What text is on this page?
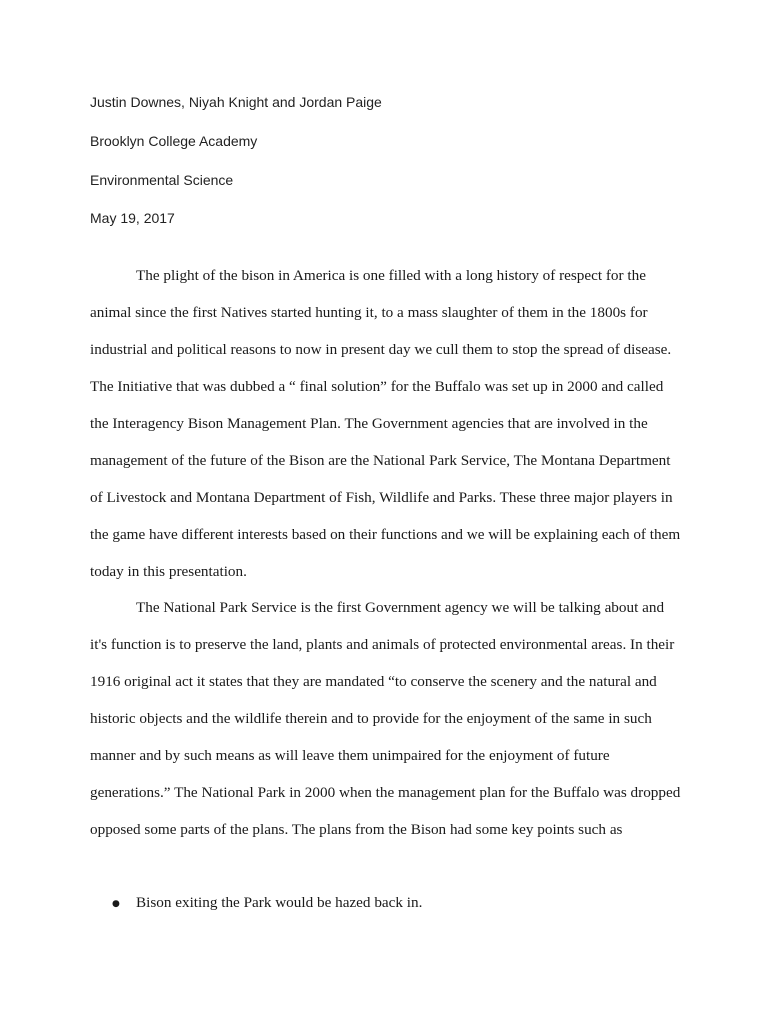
Justin Downes, Niyah Knight and Jordan Paige
Brooklyn College Academy
Environmental Science
May 19, 2017
The plight of the bison in America is one filled with a long history of respect for the
animal since the first Natives started hunting it, to a mass slaughter of them in the 1800s for
industrial and political reasons to now in present day we cull them to stop the spread of disease.
The Initiative that was dubbed a “ final solution” for the Buffalo was set up in 2000 and called
the Interagency Bison Management Plan. The Government agencies that are involved in the
management of the future of the Bison are the National Park Service, The Montana Department
of Livestock and Montana Department of Fish, Wildlife and Parks. These three major players in
the game have different interests based on their functions and we will be explaining each of them
today in this presentation.
The National Park Service is the first Government agency we will be talking about and
it's function is to preserve the land, plants and animals of protected environmental areas. In their
1916 original act it states that they are mandated “to conserve the scenery and the natural and
historic objects and the wildlife therein and to provide for the enjoyment of the same in such
manner and by such means as will leave them unimpaired for the enjoyment of future
generations.” The National Park in 2000 when the management plan for the Buffalo was dropped
opposed some parts of the plans. The plans from the Bison had some key points such as
● Bison exiting the Park would be hazed back in.
